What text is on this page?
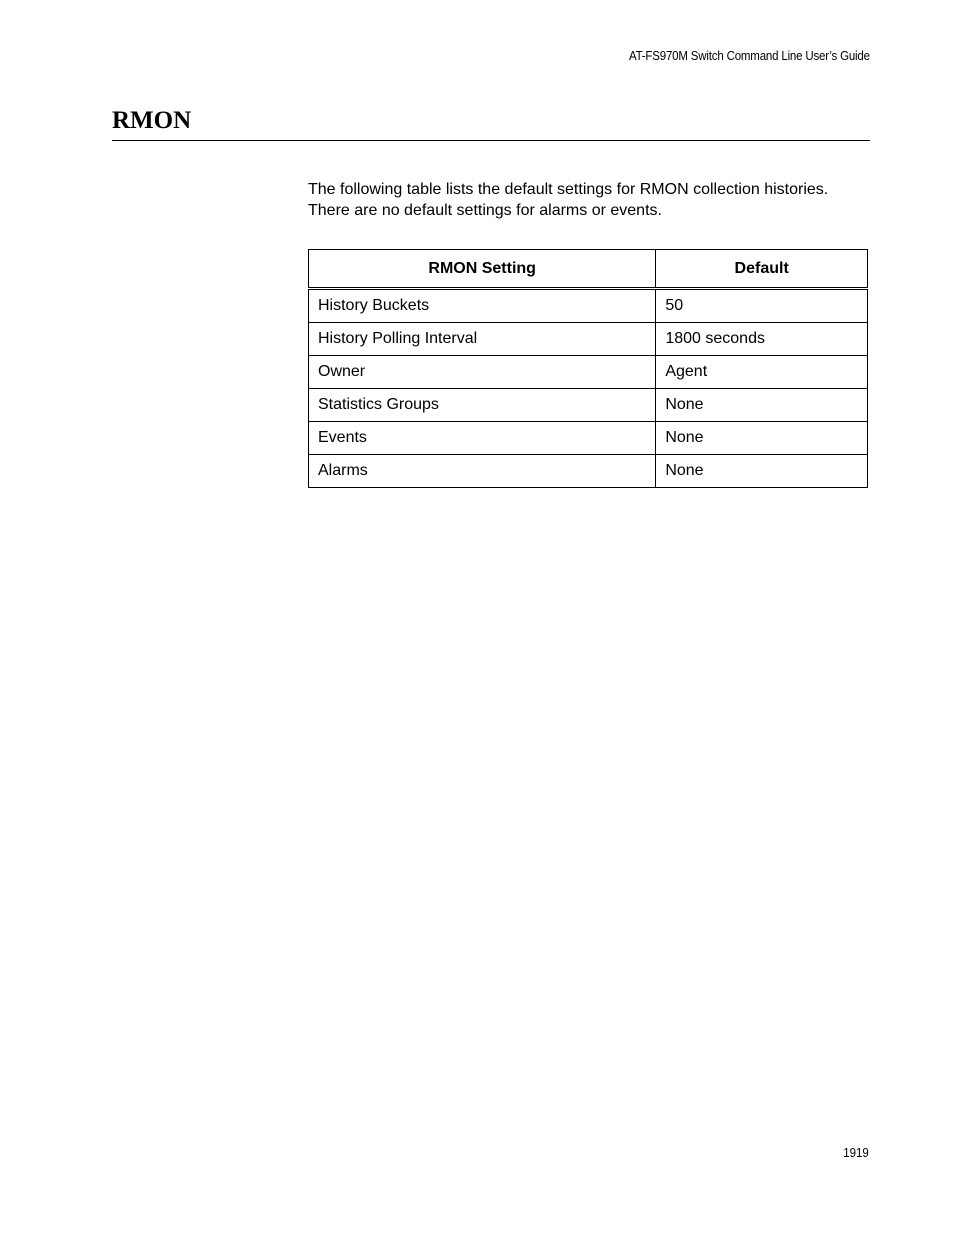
AT-FS970M Switch Command Line User’s Guide
RMON

The following table lists the default settings for RMON collection histories.
There are no default settings for alarms or events.

RMON Setting	Default
History Buckets	50
History Polling Interval	1800 seconds
Owner	Agent
Statistics Groups	None
Events	None
Alarms	None
1919
